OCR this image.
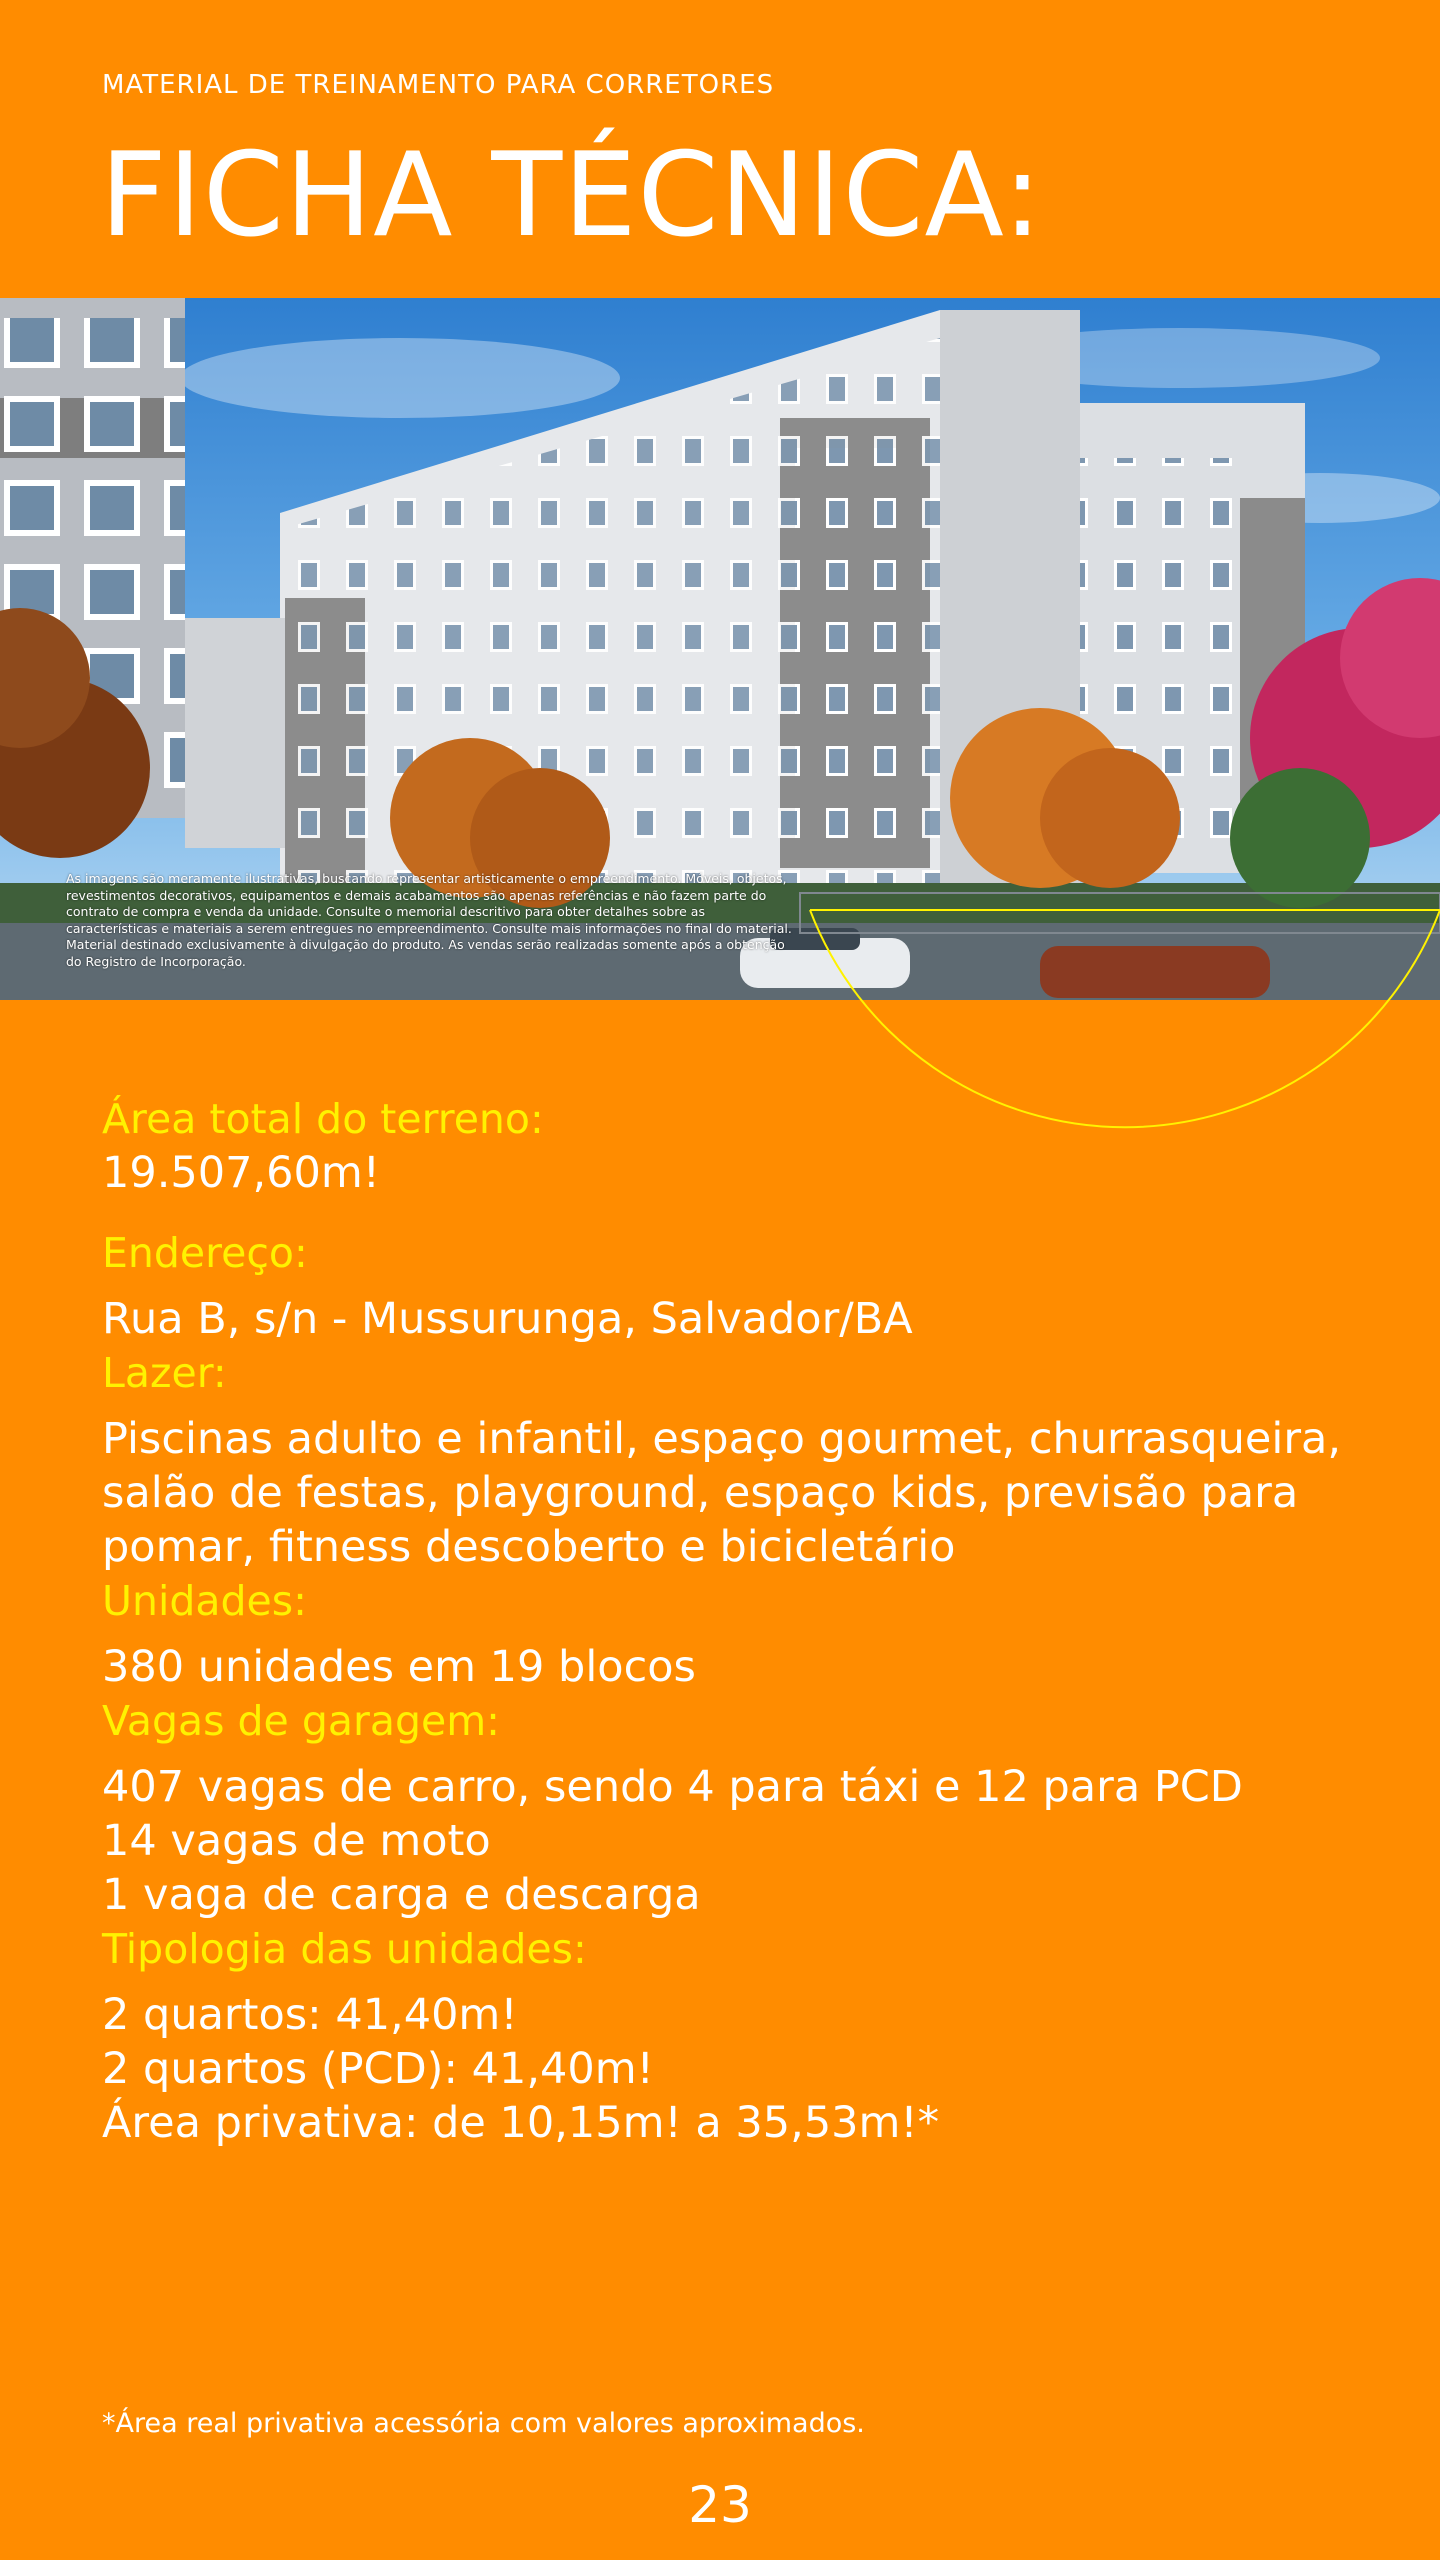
MATERIAL DE TREINAMENTO PARA CORRETORES
FICHA TÉCNICA:
As imagens são meramente ilustrativas, buscando representar artisticamente o empreendimento. Móveis, objetos, revestimentos decorativos, equipamentos e demais acabamentos são apenas referências e não fazem parte do contrato de compra e venda da unidade. Consulte o memorial descritivo para obter detalhes sobre as características e materiais a serem entregues no empreendimento. Consulte mais informações no final do material. Material destinado exclusivamente à divulgação do produto. As vendas serão realizadas somente após a obtenção do Registro de Incorporação.
Área total do terreno:
19.507,60m!
Endereço:
Rua B, s/n - Mussurunga, Salvador/BA
Lazer:
Piscinas adulto e infantil, espaço gourmet, churrasqueira,
salão de festas, playground, espaço kids, previsão para
pomar, fitness descoberto e bicicletário
Unidades:
380 unidades em 19 blocos
Vagas de garagem:
407 vagas de carro, sendo 4 para táxi e 12 para PCD
14 vagas de moto
1 vaga de carga e descarga
Tipologia das unidades:
2 quartos: 41,40m!
2 quartos (PCD): 41,40m!
Área privativa: de 10,15m! a 35,53m!*
*Área real privativa acessória com valores aproximados.
23
